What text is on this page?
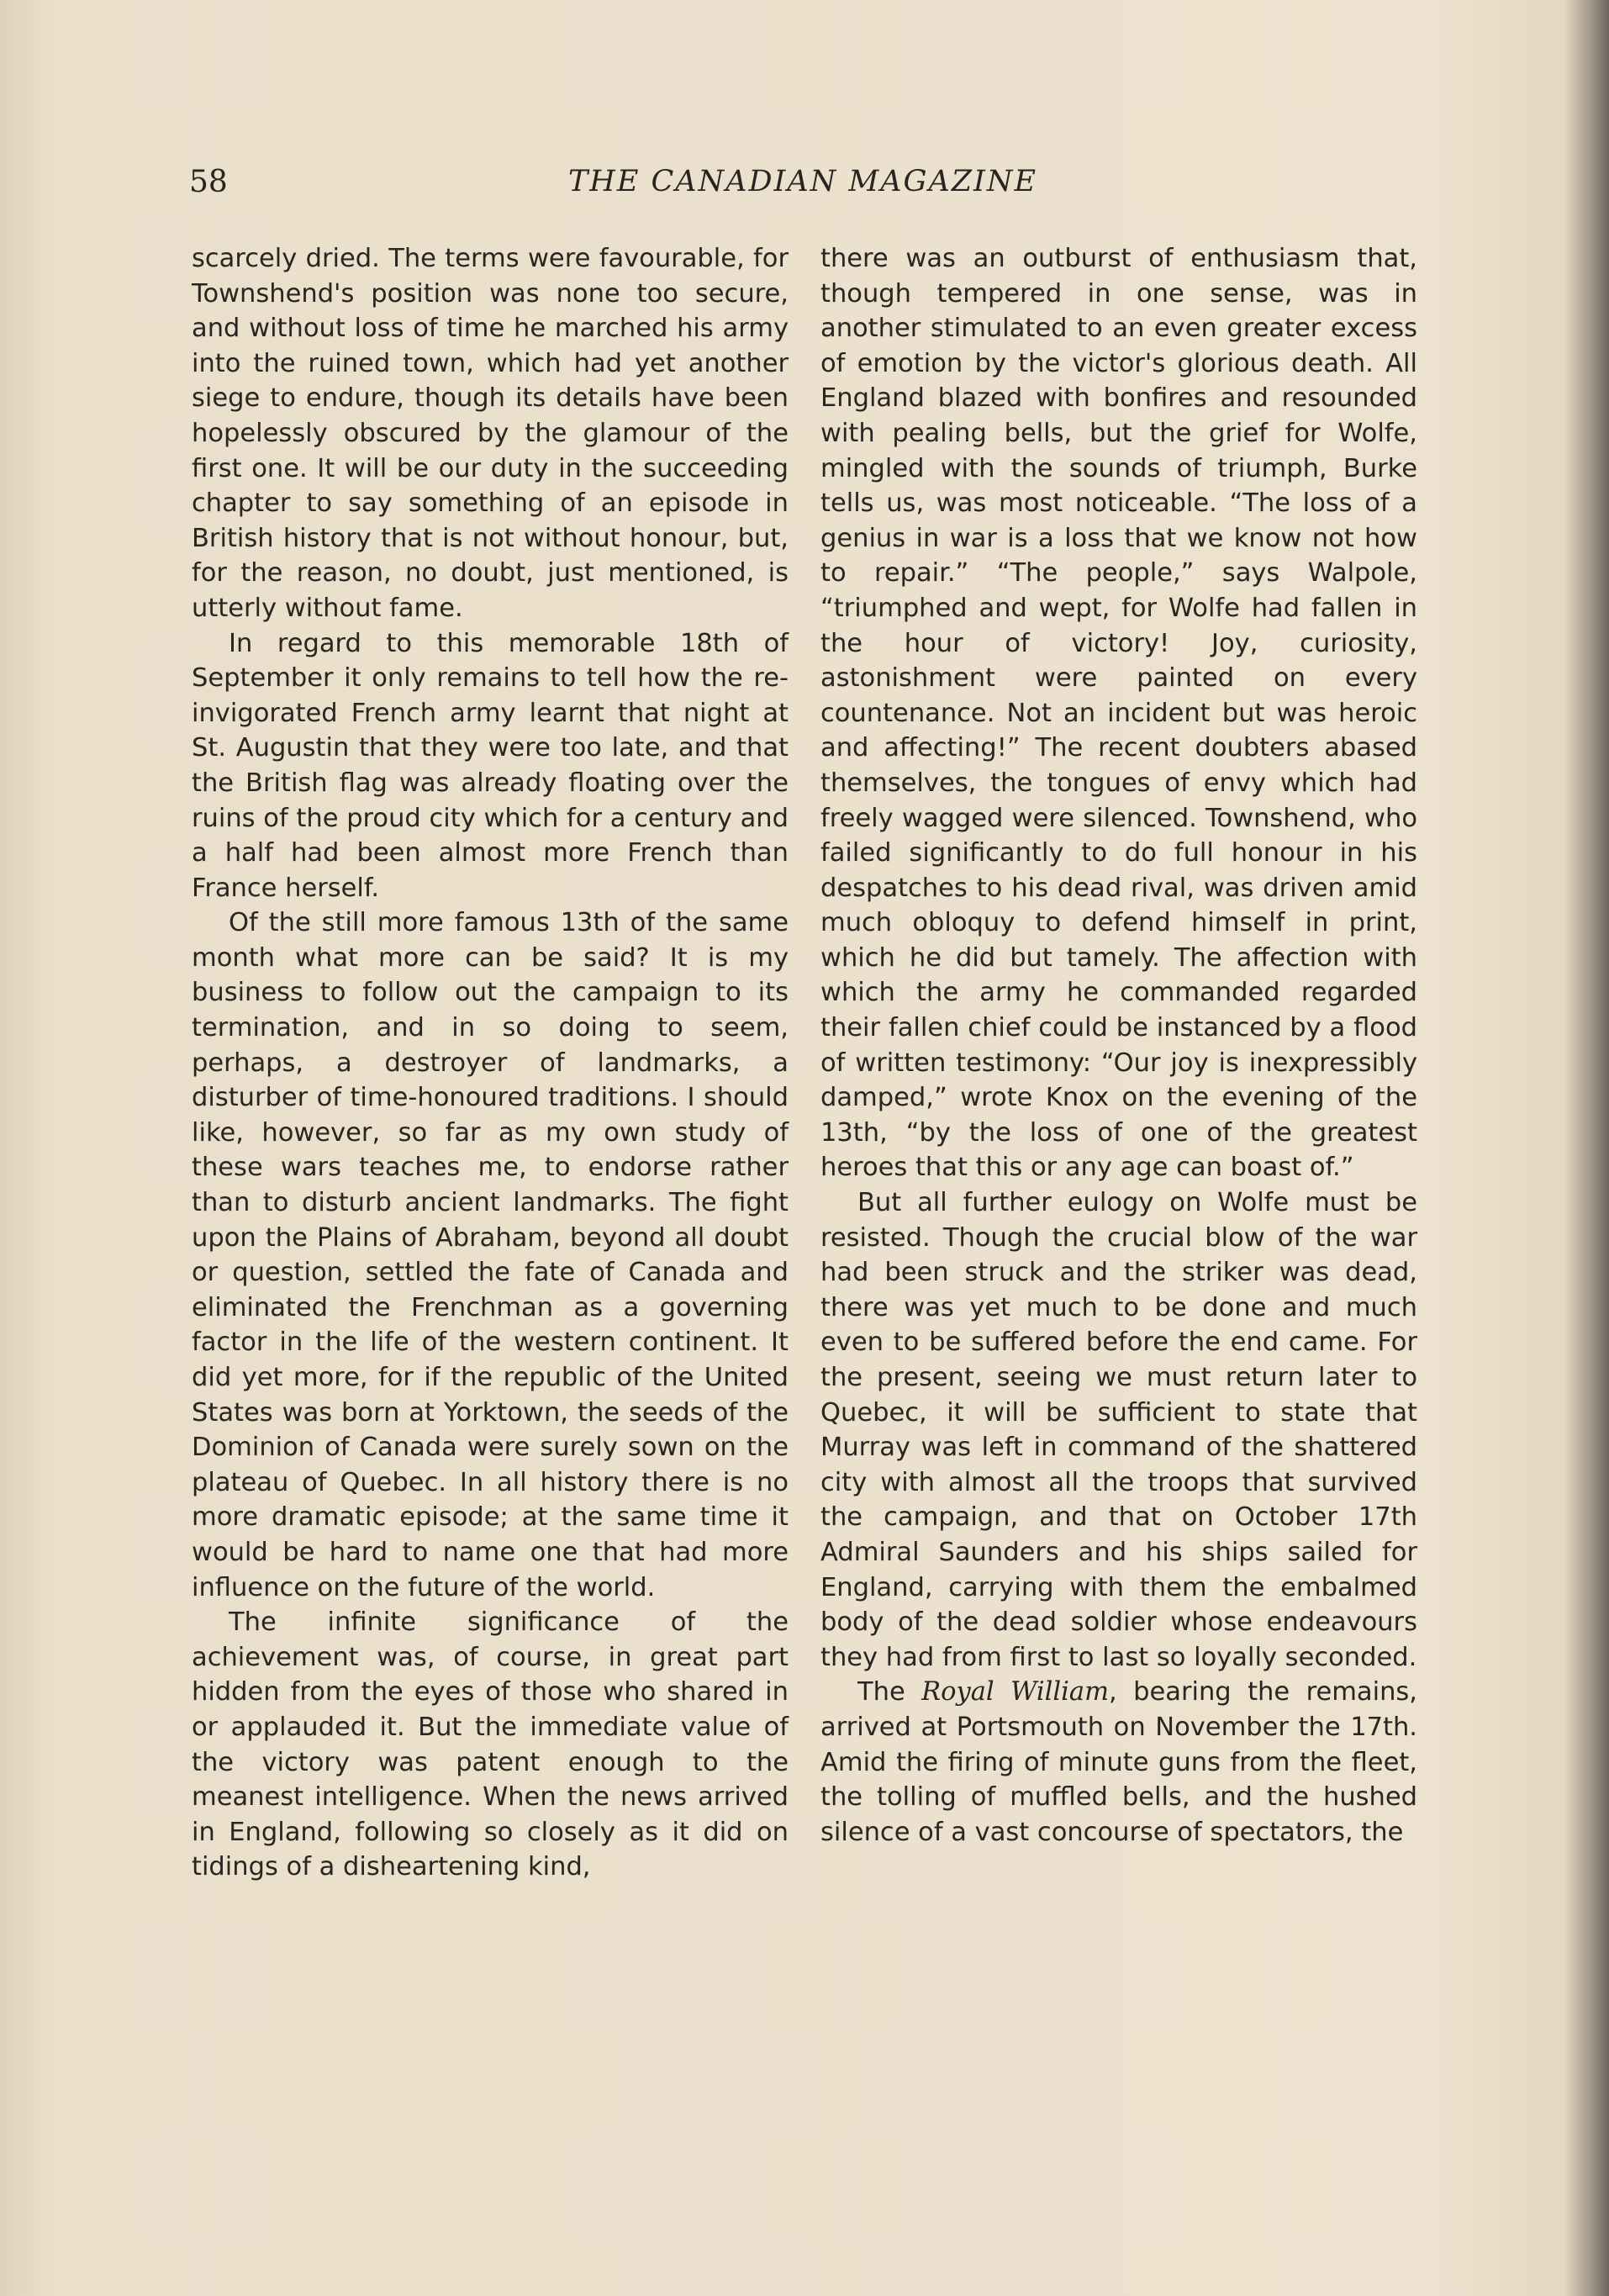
58	THE CANADIAN MAGAZINE

scarcely dried. The terms were favourable, for Townshend's position was none too secure, and without loss of time he marched his army into the ruined town, which had yet another siege to endure, though its details have been hopelessly obscured by the glamour of the first one. It will be our duty in the succeeding chapter to say something of an episode in British history that is not without honour, but, for the reason, no doubt, just mentioned, is utterly without fame.

In regard to this memorable 18th of September it only remains to tell how the re-invigorated French army learnt that night at St. Augustin that they were too late, and that the British flag was already floating over the ruins of the proud city which for a century and a half had been almost more French than France herself.

Of the still more famous 13th of the same month what more can be said? It is my business to follow out the campaign to its termination, and in so doing to seem, perhaps, a destroyer of landmarks, a disturber of time-honoured traditions. I should like, however, so far as my own study of these wars teaches me, to endorse rather than to disturb ancient landmarks. The fight upon the Plains of Abraham, beyond all doubt or question, settled the fate of Canada and eliminated the Frenchman as a governing factor in the life of the western continent. It did yet more, for if the republic of the United States was born at Yorktown, the seeds of the Dominion of Canada were surely sown on the plateau of Quebec. In all history there is no more dramatic episode; at the same time it would be hard to name one that had more influence on the future of the world.

The infinite significance of the achievement was, of course, in great part hidden from the eyes of those who shared in or applauded it. But the immediate value of the victory was patent enough to the meanest intelligence. When the news arrived in England, following so closely as it did on tidings of a disheartening kind,

there was an outburst of enthusiasm that, though tempered in one sense, was in another stimulated to an even greater excess of emotion by the victor's glorious death. All England blazed with bonfires and resounded with pealing bells, but the grief for Wolfe, mingled with the sounds of triumph, Burke tells us, was most noticeable. “The loss of a genius in war is a loss that we know not how to repair.” “The people,” says Walpole, “triumphed and wept, for Wolfe had fallen in the hour of victory! Joy, curiosity, astonishment were painted on every countenance. Not an incident but was heroic and affecting!” The recent doubters abased themselves, the tongues of envy which had freely wagged were silenced. Townshend, who failed significantly to do full honour in his despatches to his dead rival, was driven amid much obloquy to defend himself in print, which he did but tamely. The affection with which the army he commanded regarded their fallen chief could be instanced by a flood of written testimony: “Our joy is inexpressibly damped,” wrote Knox on the evening of the 13th, “by the loss of one of the greatest heroes that this or any age can boast of.”

But all further eulogy on Wolfe must be resisted. Though the crucial blow of the war had been struck and the striker was dead, there was yet much to be done and much even to be suffered before the end came. For the present, seeing we must return later to Quebec, it will be sufficient to state that Murray was left in command of the shattered city with almost all the troops that survived the campaign, and that on October 17th Admiral Saunders and his ships sailed for England, carrying with them the embalmed body of the dead soldier whose endeavours they had from first to last so loyally seconded.

The Royal William, bearing the remains, arrived at Portsmouth on November the 17th. Amid the firing of minute guns from the fleet, the tolling of muffled bells, and the hushed silence of a vast concourse of spectators, the
